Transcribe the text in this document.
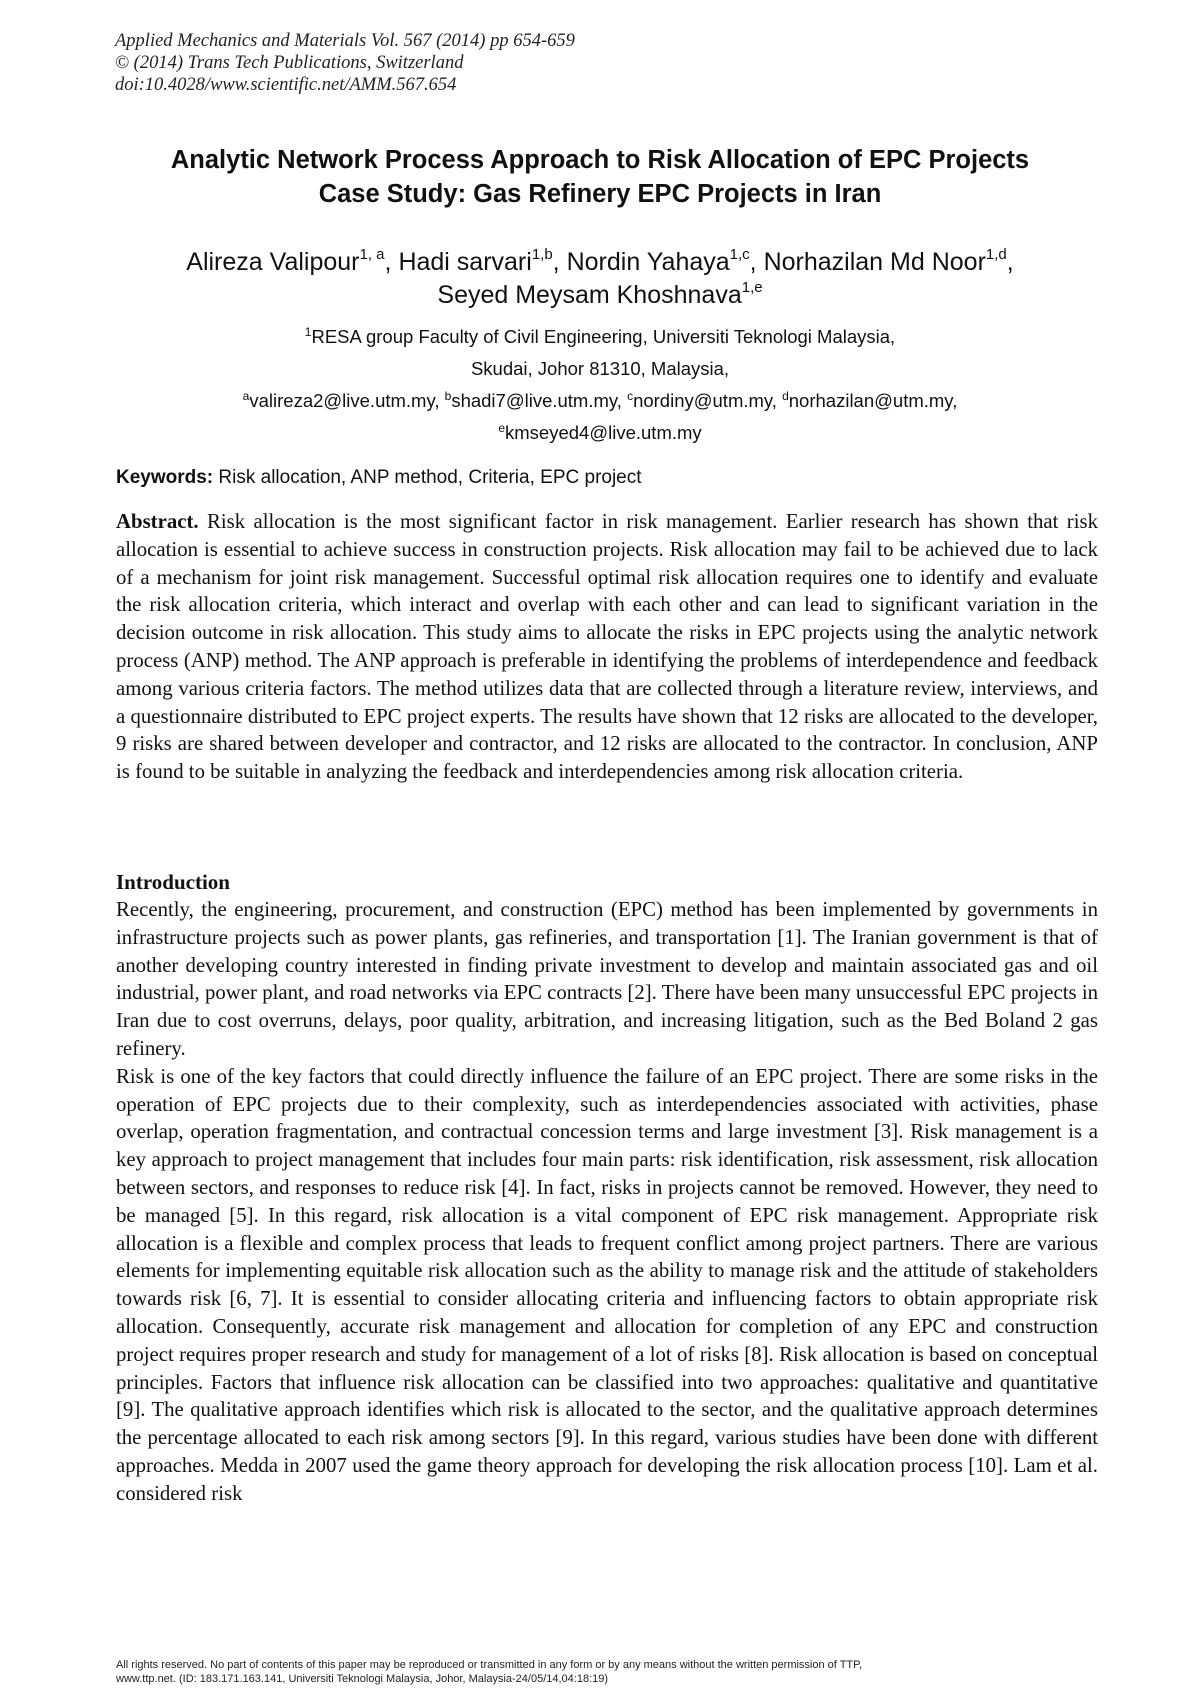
Applied Mechanics and Materials Vol. 567 (2014) pp 654-659
© (2014) Trans Tech Publications, Switzerland
doi:10.4028/www.scientific.net/AMM.567.654
Analytic Network Process Approach to Risk Allocation of EPC Projects
Case Study: Gas Refinery EPC Projects in Iran
Alireza Valipour$^{1, a}$, Hadi sarvari$^{1,b}$, Nordin Yahaya$^{1,c}$, Norhazilan Md Noor$^{1,d}$,
Seyed Meysam Khoshnava$^{1,e}$
$^1$RESA group Faculty of Civil Engineering, Universiti Teknologi Malaysia,
Skudai, Johor 81310, Malaysia,
$^a$valireza2@live.utm.my, $^b$shadi7@live.utm.my, $^c$nordiny@utm.my, $^d$norhazilan@utm.my,
$^e$kmseyed4@live.utm.my
Keywords: Risk allocation, ANP method, Criteria, EPC project
Abstract. Risk allocation is the most significant factor in risk management. Earlier research has shown that risk allocation is essential to achieve success in construction projects. Risk allocation may fail to be achieved due to lack of a mechanism for joint risk management. Successful optimal risk allocation requires one to identify and evaluate the risk allocation criteria, which interact and overlap with each other and can lead to significant variation in the decision outcome in risk allocation. This study aims to allocate the risks in EPC projects using the analytic network process (ANP) method. The ANP approach is preferable in identifying the problems of interdependence and feedback among various criteria factors. The method utilizes data that are collected through a literature review, interviews, and a questionnaire distributed to EPC project experts. The results have shown that 12 risks are allocated to the developer, 9 risks are shared between developer and contractor, and 12 risks are allocated to the contractor. In conclusion, ANP is found to be suitable in analyzing the feedback and interdependencies among risk allocation criteria.
Introduction

Recently, the engineering, procurement, and construction (EPC) method has been implemented by governments in infrastructure projects such as power plants, gas refineries, and transportation [1]. The Iranian government is that of another developing country interested in finding private investment to develop and maintain associated gas and oil industrial, power plant, and road networks via EPC contracts [2]. There have been many unsuccessful EPC projects in Iran due to cost overruns, delays, poor quality, arbitration, and increasing litigation, such as the Bed Boland 2 gas refinery.

Risk is one of the key factors that could directly influence the failure of an EPC project. There are some risks in the operation of EPC projects due to their complexity, such as interdependencies associated with activities, phase overlap, operation fragmentation, and contractual concession terms and large investment [3]. Risk management is a key approach to project management that includes four main parts: risk identification, risk assessment, risk allocation between sectors, and responses to reduce risk [4]. In fact, risks in projects cannot be removed. However, they need to be managed [5]. In this regard, risk allocation is a vital component of EPC risk management. Appropriate risk allocation is a flexible and complex process that leads to frequent conflict among project partners. There are various elements for implementing equitable risk allocation such as the ability to manage risk and the attitude of stakeholders towards risk [6, 7]. It is essential to consider allocating criteria and influencing factors to obtain appropriate risk allocation. Consequently, accurate risk management and allocation for completion of any EPC and construction project requires proper research and study for management of a lot of risks [8]. Risk allocation is based on conceptual principles. Factors that influence risk allocation can be classified into two approaches: qualitative and quantitative [9]. The qualitative approach identifies which risk is allocated to the sector, and the qualitative approach determines the percentage allocated to each risk among sectors [9]. In this regard, various studies have been done with different approaches. Medda in 2007 used the game theory approach for developing the risk allocation process [10]. Lam et al. considered risk

All rights reserved. No part of contents of this paper may be reproduced or transmitted in any form or by any means without the written permission of TTP,
www.ttp.net. (ID: 183.171.163.141, Universiti Teknologi Malaysia, Johor, Malaysia-24/05/14,04:18:19)
